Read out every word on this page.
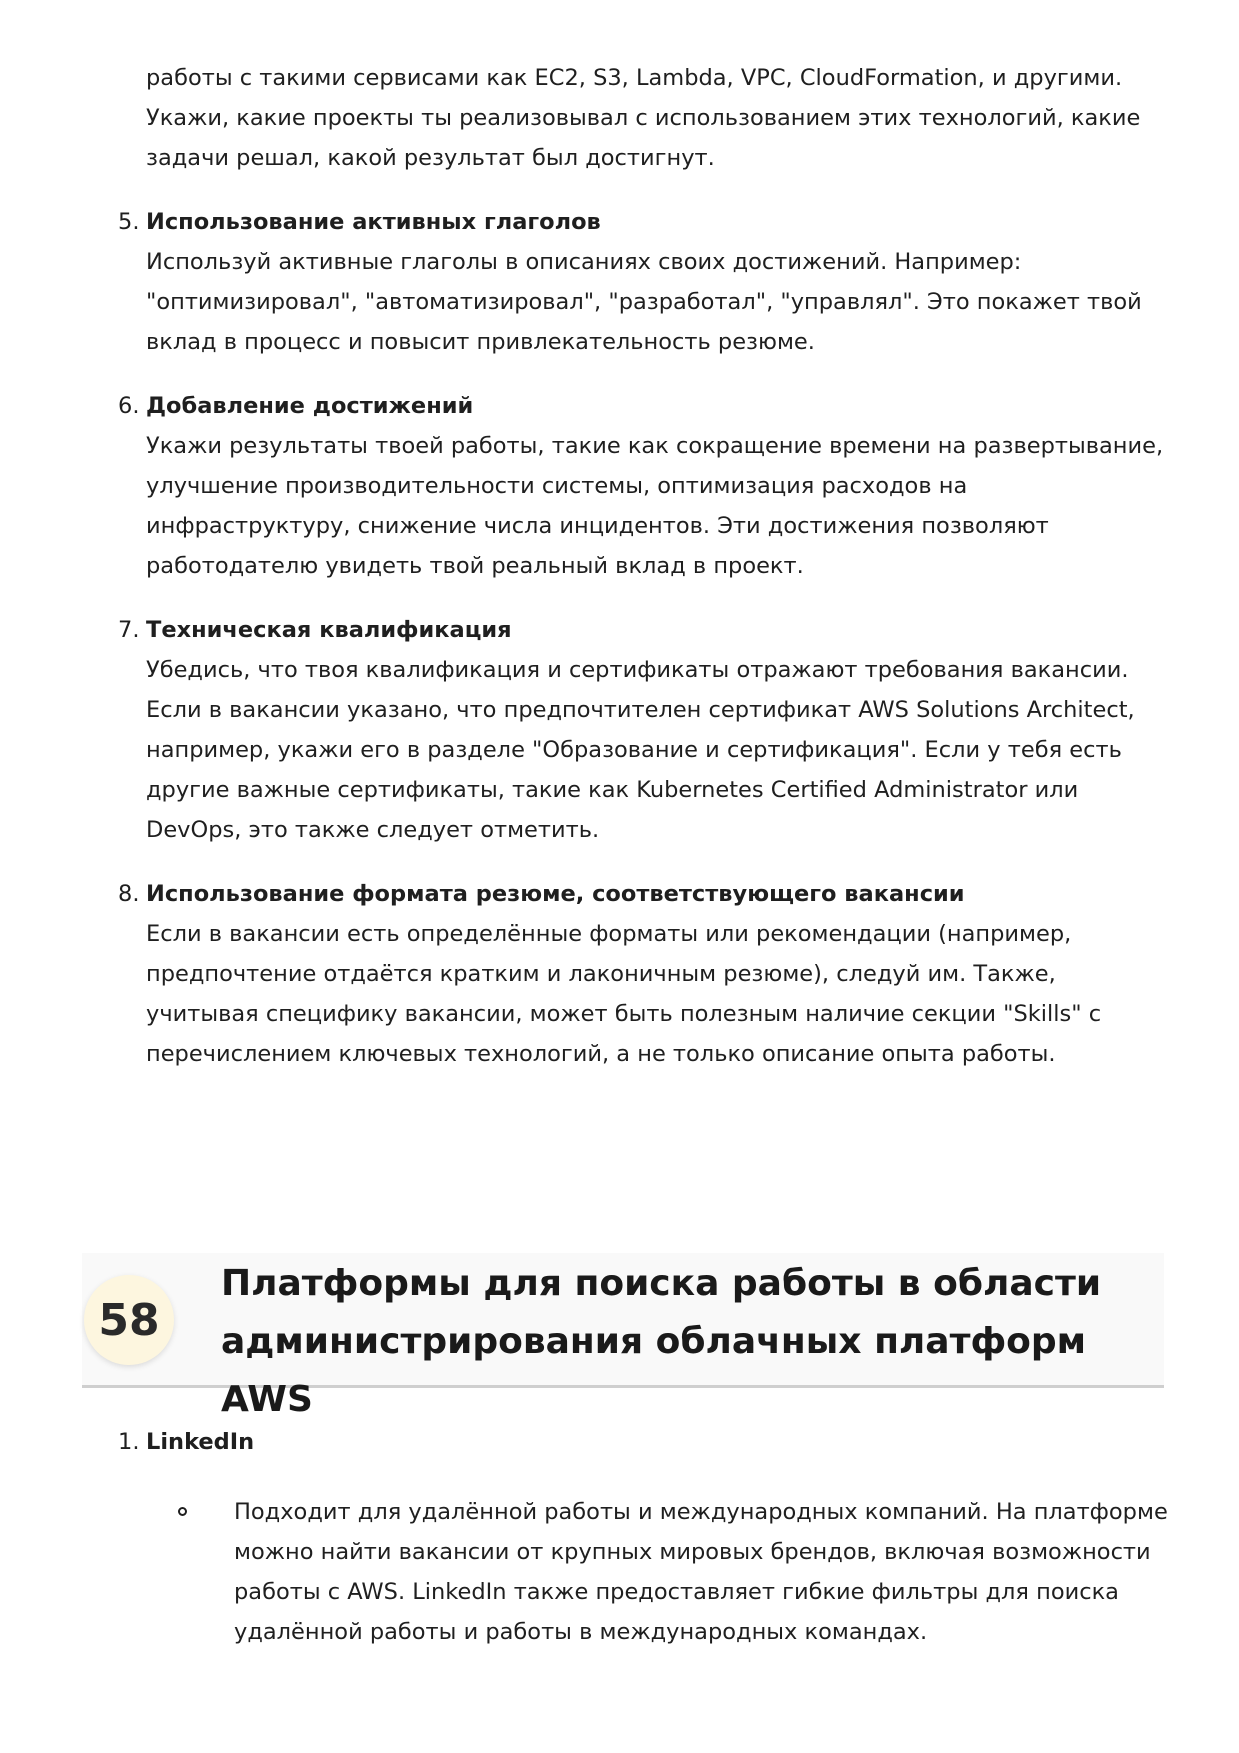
работы с такими сервисами как EC2, S3, Lambda, VPC, CloudFormation, и другими. Укажи, какие проекты ты реализовывал с использованием этих технологий, какие задачи решал, какой результат был достигнут.

5. Использование активных глаголов
Используй активные глаголы в описаниях своих достижений. Например: "оптимизировал", "автоматизировал", "разработал", "управлял". Это покажет твой вклад в процесс и повысит привлекательность резюме.
6. Добавление достижений
Укажи результаты твоей работы, такие как сокращение времени на развертывание, улучшение производительности системы, оптимизация расходов на инфраструктуру, снижение числа инцидентов. Эти достижения позволяют работодателю увидеть твой реальный вклад в проект.
7. Техническая квалификация
Убедись, что твоя квалификация и сертификаты отражают требования вакансии. Если в вакансии указано, что предпочтителен сертификат AWS Solutions Architect, например, укажи его в разделе "Образование и сертификация". Если у тебя есть другие важные сертификаты, такие как Kubernetes Certified Administrator или DevOps, это также следует отметить.
8. Использование формата резюме, соответствующего вакансии
Если в вакансии есть определённые форматы или рекомендации (например, предпочтение отдаётся кратким и лаконичным резюме), следуй им. Также, учитывая специфику вакансии, может быть полезным наличие секции "Skills" с перечислением ключевых технологий, а не только описание опыта работы.
58
Платформы для поиска работы в области администрирования облачных платформ AWS
1. LinkedIn
Подходит для удалённой работы и международных компаний. На платформе можно найти вакансии от крупных мировых брендов, включая возможности работы с AWS. LinkedIn также предоставляет гибкие фильтры для поиска удалённой работы и работы в международных командах.
